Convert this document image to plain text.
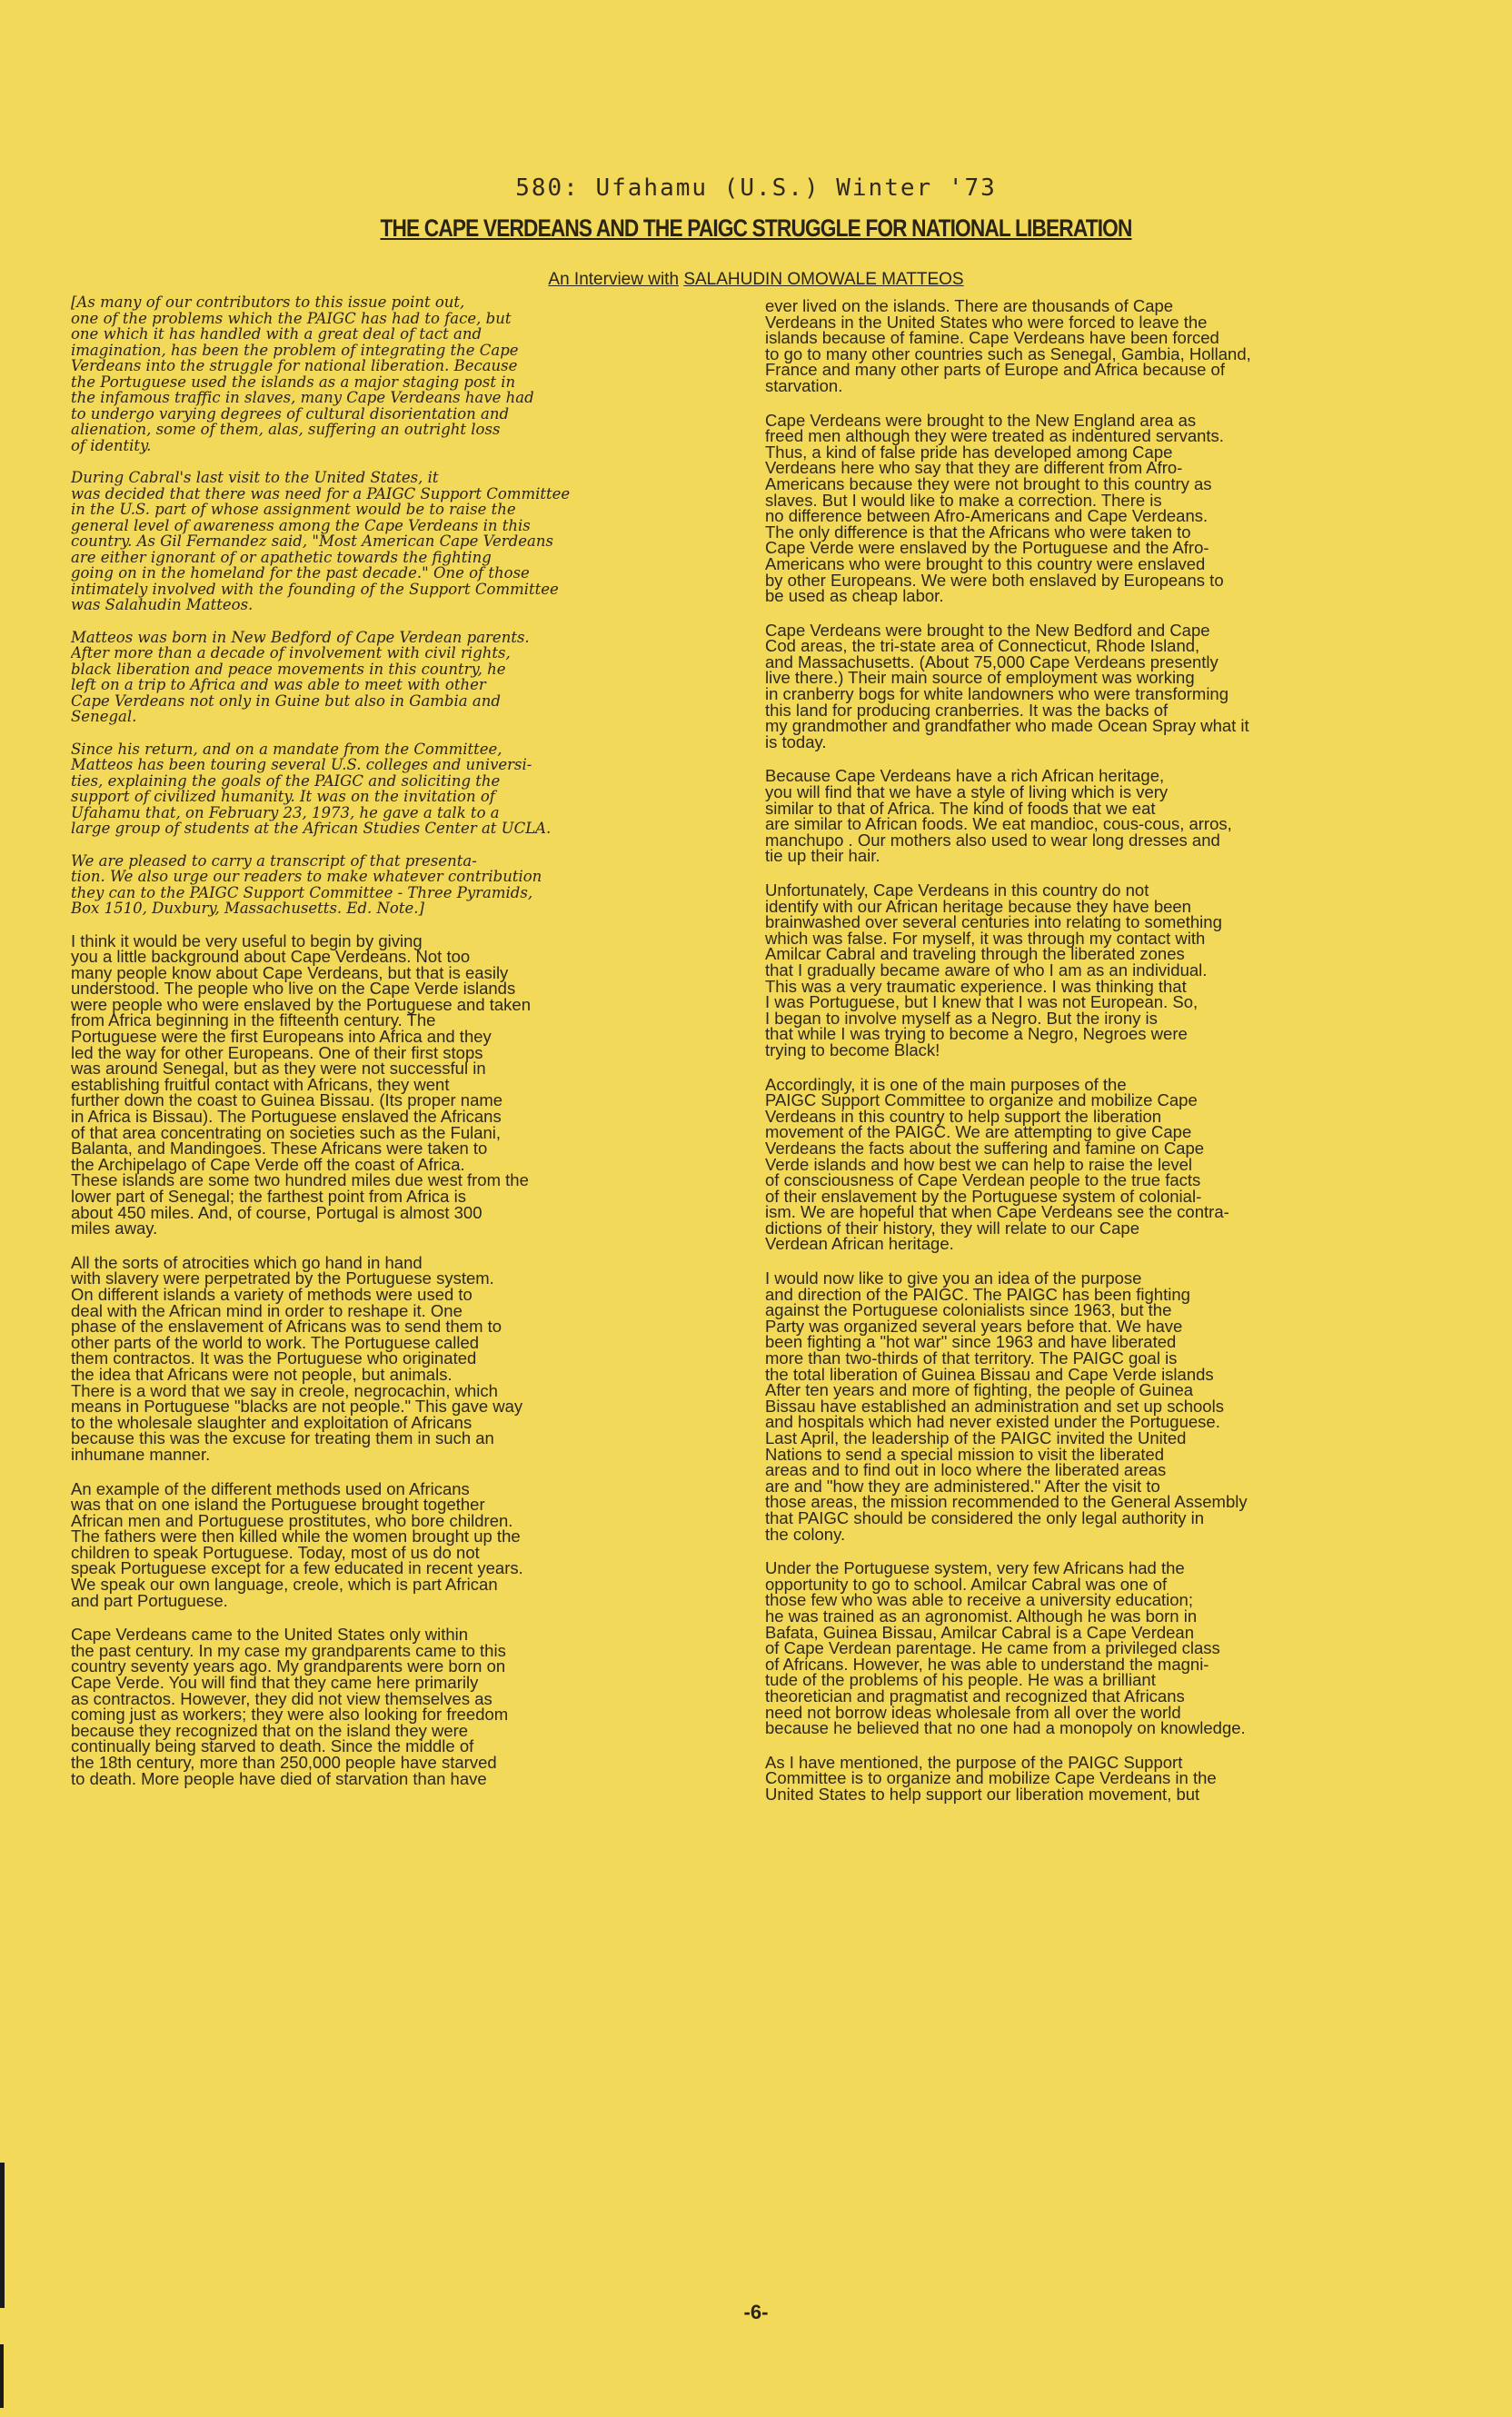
580: Ufahamu (U.S.) Winter '73
THE CAPE VERDEANS AND THE PAIGC STRUGGLE FOR NATIONAL LIBERATION
An Interview with SALAHUDIN OMOWALE MATTEOS

[As many of our contributors to this issue point out,
one of the problems which the PAIGC has had to face, but
one which it has handled with a great deal of tact and
imagination, has been the problem of integrating the Cape
Verdeans into the struggle for national liberation. Because
the Portuguese used the islands as a major staging post in
the infamous traffic in slaves, many Cape Verdeans have had
to undergo varying degrees of cultural disorientation and
alienation, some of them, alas, suffering an outright loss
of identity.

During Cabral's last visit to the United States, it
was decided that there was need for a PAIGC Support Committee
in the U.S. part of whose assignment would be to raise the
general level of awareness among the Cape Verdeans in this
country. As Gil Fernandez said, "Most American Cape Verdeans
are either ignorant of or apathetic towards the fighting
going on in the homeland for the past decade." One of those
intimately involved with the founding of the Support Committee
was Salahudin Matteos.

Matteos was born in New Bedford of Cape Verdean parents.
After more than a decade of involvement with civil rights,
black liberation and peace movements in this country, he
left on a trip to Africa and was able to meet with other
Cape Verdeans not only in Guine but also in Gambia and
Senegal.

Since his return, and on a mandate from the Committee,
Matteos has been touring several U.S. colleges and universi-
ties, explaining the goals of the PAIGC and soliciting the
support of civilized humanity. It was on the invitation of
Ufahamu that, on February 23, 1973, he gave a talk to a
large group of students at the African Studies Center at UCLA.

We are pleased to carry a transcript of that presenta-
tion. We also urge our readers to make whatever contribution
they can to the PAIGC Support Committee - Three Pyramids,
Box 1510, Duxbury, Massachusetts. Ed. Note.]

I think it would be very useful to begin by giving
you a little background about Cape Verdeans. Not too
many people know about Cape Verdeans, but that is easily
understood. The people who live on the Cape Verde islands
were people who were enslaved by the Portuguese and taken
from Africa beginning in the fifteenth century. The
Portuguese were the first Europeans into Africa and they
led the way for other Europeans. One of their first stops
was around Senegal, but as they were not successful in
establishing fruitful contact with Africans, they went
further down the coast to Guinea Bissau. (Its proper name
in Africa is Bissau). The Portuguese enslaved the Africans
of that area concentrating on societies such as the Fulani,
Balanta, and Mandingoes. These Africans were taken to
the Archipelago of Cape Verde off the coast of Africa.
These islands are some two hundred miles due west from the
lower part of Senegal; the farthest point from Africa is
about 450 miles. And, of course, Portugal is almost 300
miles away.

All the sorts of atrocities which go hand in hand
with slavery were perpetrated by the Portuguese system.
On different islands a variety of methods were used to
deal with the African mind in order to reshape it. One
phase of the enslavement of Africans was to send them to
other parts of the world to work. The Portuguese called
them contractos. It was the Portuguese who originated
the idea that Africans were not people, but animals.
There is a word that we say in creole, negrocachin, which
means in Portuguese "blacks are not people." This gave way
to the wholesale slaughter and exploitation of Africans
because this was the excuse for treating them in such an
inhumane manner.

An example of the different methods used on Africans
was that on one island the Portuguese brought together
African men and Portuguese prostitutes, who bore children.
The fathers were then killed while the women brought up the
children to speak Portuguese. Today, most of us do not
speak Portuguese except for a few educated in recent years.
We speak our own language, creole, which is part African
and part Portuguese.

Cape Verdeans came to the United States only within
the past century. In my case my grandparents came to this
country seventy years ago. My grandparents were born on
Cape Verde. You will find that they came here primarily
as contractos. However, they did not view themselves as
coming just as workers; they were also looking for freedom
because they recognized that on the island they were
continually being starved to death. Since the middle of
the 18th century, more than 250,000 people have starved
to death. More people have died of starvation than have

ever lived on the islands. There are thousands of Cape
Verdeans in the United States who were forced to leave the
islands because of famine. Cape Verdeans have been forced
to go to many other countries such as Senegal, Gambia, Holland,
France and many other parts of Europe and Africa because of
starvation.

Cape Verdeans were brought to the New England area as
freed men although they were treated as indentured servants.
Thus, a kind of false pride has developed among Cape
Verdeans here who say that they are different from Afro-
Americans because they were not brought to this country as
slaves. But I would like to make a correction. There is
no difference between Afro-Americans and Cape Verdeans.
The only difference is that the Africans who were taken to
Cape Verde were enslaved by the Portuguese and the Afro-
Americans who were brought to this country were enslaved
by other Europeans. We were both enslaved by Europeans to
be used as cheap labor.

Cape Verdeans were brought to the New Bedford and Cape
Cod areas, the tri-state area of Connecticut, Rhode Island,
and Massachusetts. (About 75,000 Cape Verdeans presently
live there.) Their main source of employment was working
in cranberry bogs for white landowners who were transforming
this land for producing cranberries. It was the backs of
my grandmother and grandfather who made Ocean Spray what it
is today.

Because Cape Verdeans have a rich African heritage,
you will find that we have a style of living which is very
similar to that of Africa. The kind of foods that we eat
are similar to African foods. We eat mandioc, cous-cous, arros,
manchupo . Our mothers also used to wear long dresses and
tie up their hair.

Unfortunately, Cape Verdeans in this country do not
identify with our African heritage because they have been
brainwashed over several centuries into relating to something
which was false. For myself, it was through my contact with
Amilcar Cabral and traveling through the liberated zones
that I gradually became aware of who I am as an individual.
This was a very traumatic experience. I was thinking that
I was Portuguese, but I knew that I was not European. So,
I began to involve myself as a Negro. But the irony is
that while I was trying to become a Negro, Negroes were
trying to become Black!

Accordingly, it is one of the main purposes of the
PAIGC Support Committee to organize and mobilize Cape
Verdeans in this country to help support the liberation
movement of the PAIGC. We are attempting to give Cape
Verdeans the facts about the suffering and famine on Cape
Verde islands and how best we can help to raise the level
of consciousness of Cape Verdean people to the true facts
of their enslavement by the Portuguese system of colonial-
ism. We are hopeful that when Cape Verdeans see the contra-
dictions of their history, they will relate to our Cape
Verdean African heritage.

I would now like to give you an idea of the purpose
and direction of the PAIGC. The PAIGC has been fighting
against the Portuguese colonialists since 1963, but the
Party was organized several years before that. We have
been fighting a "hot war" since 1963 and have liberated
more than two-thirds of that territory. The PAIGC goal is
the total liberation of Guinea Bissau and Cape Verde islands
After ten years and more of fighting, the people of Guinea
Bissau have established an administration and set up schools
and hospitals which had never existed under the Portuguese.
Last April, the leadership of the PAIGC invited the United
Nations to send a special mission to visit the liberated
areas and to find out in loco where the liberated areas
are and "how they are administered." After the visit to
those areas, the mission recommended to the General Assembly
that PAIGC should be considered the only legal authority in
the colony.

Under the Portuguese system, very few Africans had the
opportunity to go to school. Amilcar Cabral was one of
those few who was able to receive a university education;
he was trained as an agronomist. Although he was born in
Bafata, Guinea Bissau, Amilcar Cabral is a Cape Verdean
of Cape Verdean parentage. He came from a privileged class
of Africans. However, he was able to understand the magni-
tude of the problems of his people. He was a brilliant
theoretician and pragmatist and recognized that Africans
need not borrow ideas wholesale from all over the world
because he believed that no one had a monopoly on knowledge.

As I have mentioned, the purpose of the PAIGC Support
Committee is to organize and mobilize Cape Verdeans in the
United States to help support our liberation movement, but

-6-
